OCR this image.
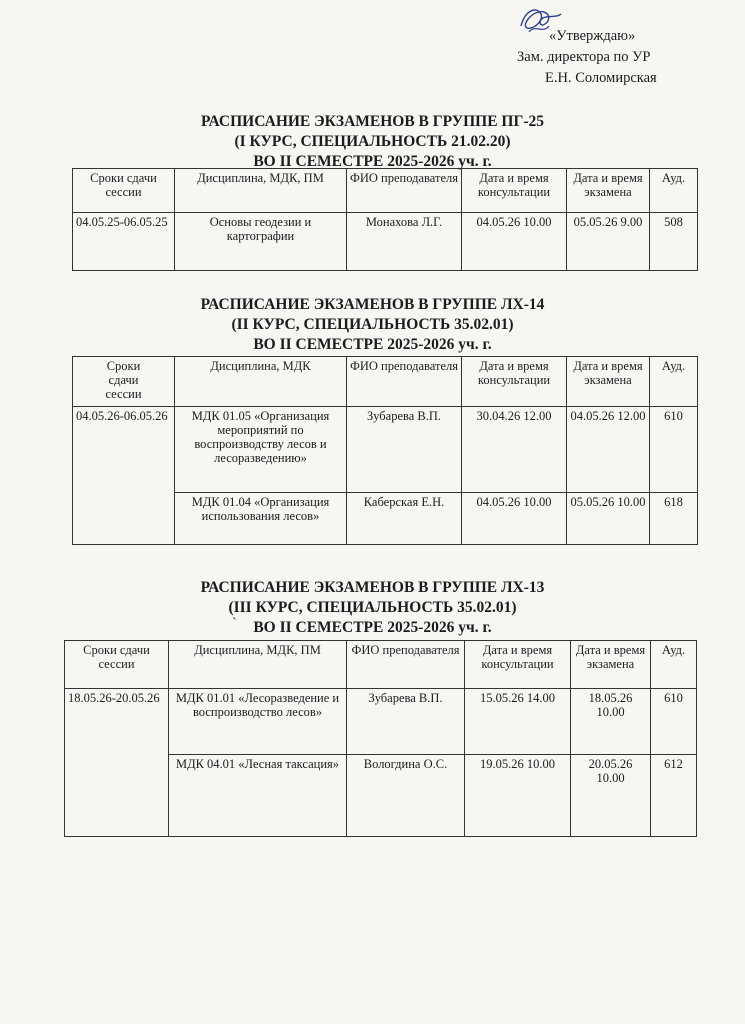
«Утверждаю»
Зам. директора по УР
Е.Н. Соломирская
РАСПИСАНИЕ ЭКЗАМЕНОВ В ГРУППЕ ПГ-25
(I КУРС, СПЕЦИАЛЬНОСТЬ 21.02.20)
ВО II СЕМЕСТРЕ 2025-2026 уч. г.
Сроки сдачи сессии	Дисциплина, МДК, ПМ	ФИО преподавателя	Дата и время консультации	Дата и время экзамена	Ауд.
04.05.25-06.05.25	Основы геодезии и картографии	Монахова Л.Г.	04.05.26 10.00	05.05.26 9.00	508
РАСПИСАНИЕ ЭКЗАМЕНОВ В ГРУППЕ ЛХ-14
(II КУРС, СПЕЦИАЛЬНОСТЬ 35.02.01)
ВО II СЕМЕСТРЕ 2025-2026 уч. г.
Сроки
сдачи
сессии	Дисциплина, МДК	ФИО преподавателя	Дата и время консультации	Дата и время экзамена	Ауд.
04.05.26-06.05.26	МДК 01.05 «Организация мероприятий по воспроизводству лесов и лесоразведению»	Зубарева В.П.	30.04.26 12.00	04.05.26 12.00	610
	МДК 01.04 «Организация использования лесов»	Каберская Е.Н.	04.05.26 10.00	05.05.26 10.00	618
РАСПИСАНИЕ ЭКЗАМЕНОВ В ГРУППЕ ЛХ-13
(III КУРС, СПЕЦИАЛЬНОСТЬ 35.02.01)
ВО II СЕМЕСТРЕ 2025-2026 уч. г.
`
Сроки сдачи сессии	Дисциплина, МДК, ПМ	ФИО преподавателя	Дата и время консультации	Дата и время экзамена	Ауд.
18.05.26-20.05.26	МДК 01.01 «Лесоразведение и воспроизводство лесов»	Зубарева В.П.	15.05.26 14.00	18.05.26 10.00	610
	МДК 04.01 «Лесная таксация»	Вологдина О.С.	19.05.26 10.00	20.05.26 10.00	612
